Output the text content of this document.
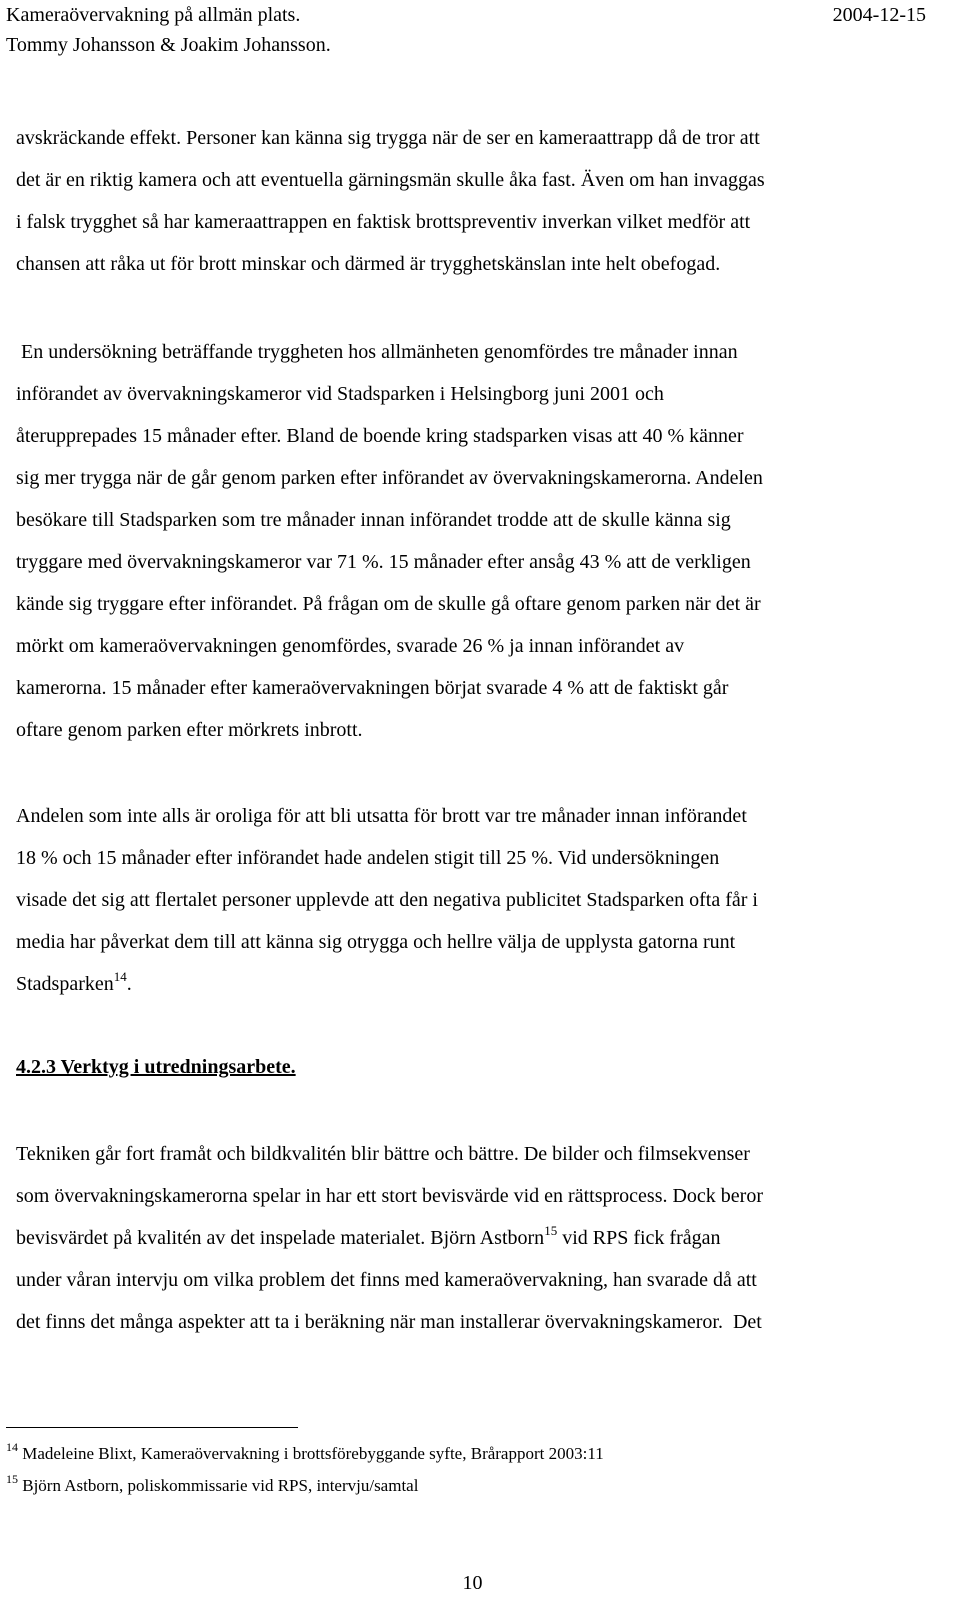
Kameraövervakning på allmän plats.	2004-12-15
Tommy Johansson & Joakim Johansson.
avskräckande effekt. Personer kan känna sig trygga när de ser en kameraattrapp då de tror att
det är en riktig kamera och att eventuella gärningsmän skulle åka fast. Även om han invaggas
i falsk trygghet så har kameraattrappen en faktisk brottspreventiv inverkan vilket medför att
chansen att råka ut för brott minskar och därmed är trygghetskänslan inte helt obefogad.
En undersökning beträffande tryggheten hos allmänheten genomfördes tre månader innan
införandet av övervakningskameror vid Stadsparken i Helsingborg juni 2001 och
återupprepades 15 månader efter. Bland de boende kring stadsparken visas att 40 % känner
sig mer trygga när de går genom parken efter införandet av övervakningskamerorna. Andelen
besökare till Stadsparken som tre månader innan införandet trodde att de skulle känna sig
tryggare med övervakningskameror var 71 %. 15 månader efter ansåg 43 % att de verkligen
kände sig tryggare efter införandet. På frågan om de skulle gå oftare genom parken när det är
mörkt om kameraövervakningen genomfördes, svarade 26 % ja innan införandet av
kamerorna. 15 månader efter kameraövervakningen börjat svarade 4 % att de faktiskt går
oftare genom parken efter mörkrets inbrott.
Andelen som inte alls är oroliga för att bli utsatta för brott var tre månader innan införandet
18 % och 15 månader efter införandet hade andelen stigit till 25 %. Vid undersökningen
visade det sig att flertalet personer upplevde att den negativa publicitet Stadsparken ofta får i
media har påverkat dem till att känna sig otrygga och hellre välja de upplysta gatorna runt
Stadsparken$^{14}$.
4.2.3 Verktyg i utredningsarbete.
Tekniken går fort framåt och bildkvalitén blir bättre och bättre. De bilder och filmsekvenser
som övervakningskamerorna spelar in har ett stort bevisvärde vid en rättsprocess. Dock beror
bevisvärdet på kvalitén av det inspelade materialet. Björn Astborn$^{15}$ vid RPS fick frågan
under våran intervju om vilka problem det finns med kameraövervakning, han svarade då att
det finns det många aspekter att ta i beräkning när man installerar övervakningskameror.  Det
$^{14}$ Madeleine Blixt, Kameraövervakning i brottsförebyggande syfte, Brårapport 2003:11
$^{15}$ Björn Astborn, poliskommissarie vid RPS, intervju/samtal
10
